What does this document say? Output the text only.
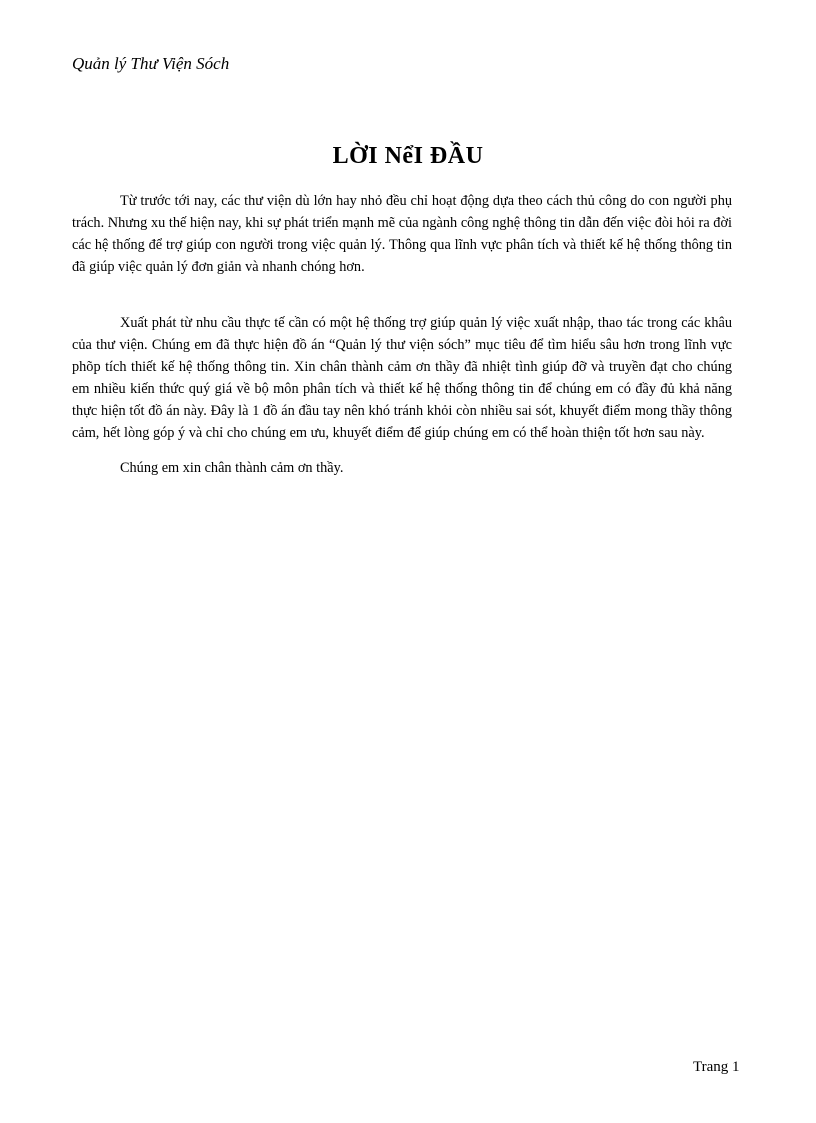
Quản lý Thư Viện Sóch
LỜI NểI ĐẦU

Từ trước tới nay, các thư viện dù lớn hay nhỏ đều chỉ hoạt động dựa theo cách thủ công do con người phụ trách. Nhưng xu thế hiện nay, khi sự phát triển mạnh mẽ của ngành công nghệ thông tin dẫn đến việc đòi hỏi ra đời các hệ thống để trợ giúp con người trong việc quản lý. Thông qua lĩnh vực phân tích và thiết kế hệ thống thông tin đã giúp việc quản lý đơn giản và nhanh chóng hơn.

Xuất phát từ nhu cầu thực tế cần có một hệ thống trợ giúp quản lý việc xuất nhập, thao tác trong các khâu của thư viện. Chúng em đã thực hiện đồ án “Quản lý thư viện sóch” mục tiêu để tìm hiểu sâu hơn trong lĩnh vực phõp tích thiết kế hệ thống thông tin. Xin chân thành cảm ơn thầy đã nhiệt tình giúp đỡ và truyền đạt cho chúng em nhiều kiến thức quý giá về bộ môn phân tích và thiết kế hệ thống thông tin để chúng em có đầy đủ khả năng thực hiện tốt đồ án này. Đây là 1 đồ án đầu tay nên khó tránh khỏi còn nhiều sai sót, khuyết điểm mong thầy thông cảm, hết lòng góp ý và chỉ cho chúng em ưu, khuyết điểm để giúp chúng em có thể hoàn thiện tốt hơn sau này.

Chúng em xin chân thành cảm ơn thầy.

Trang 1
